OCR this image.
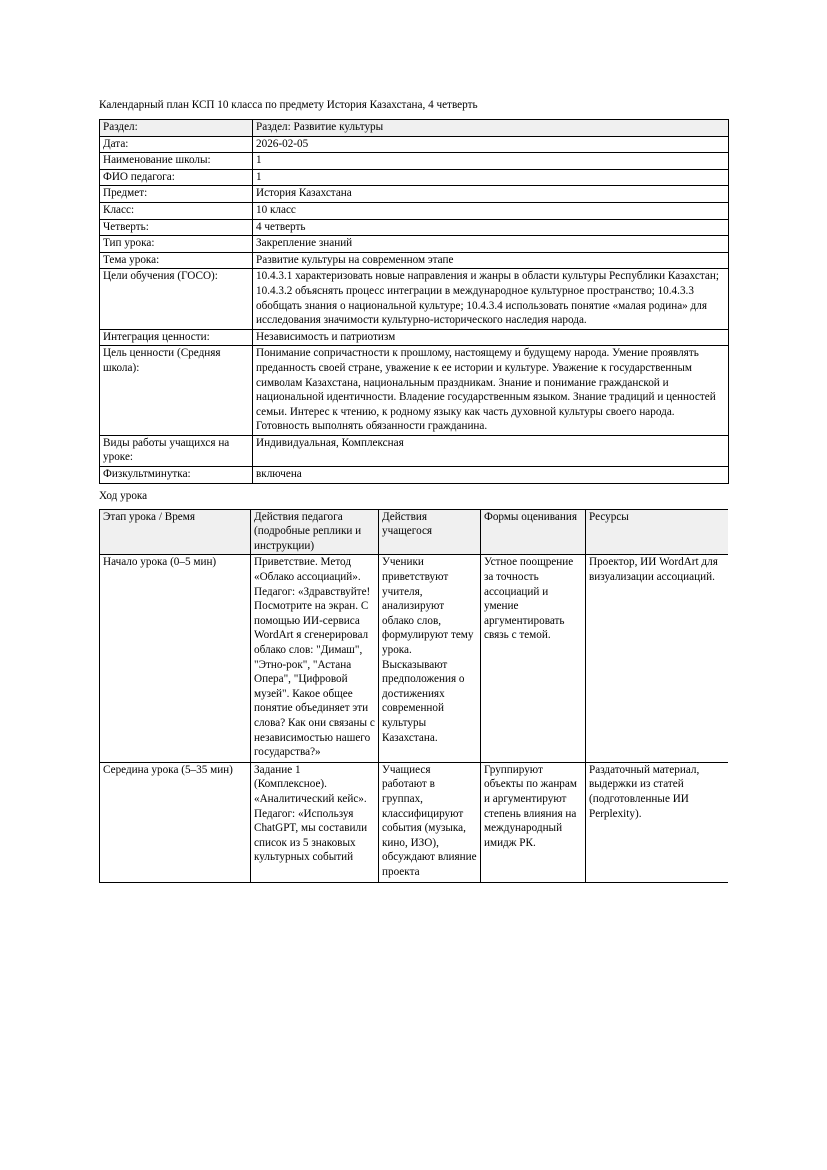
Календарный план КСП 10 класса по предмету История Казахстана, 4 четверть

Раздел:	Раздел: Развитие культуры
Дата:	2026-02-05
Наименование школы:	1
ФИО педагога:	1
Предмет:	История Казахстана
Класс:	10 класс
Четверть:	4 четверть
Тип урока:	Закрепление знаний
Тема урока:	Развитие культуры на современном этапе
Цели обучения (ГОСО):	10.4.3.1 характеризовать новые направления и жанры в области культуры Республики Казахстан; 10.4.3.2 объяснять процесс интеграции в международное культурное пространство; 10.4.3.3 обобщать знания о национальной культуре; 10.4.3.4 использовать понятие «малая родина» для исследования значимости культурно-исторического наследия народа.
Интеграция ценности:	Независимость и патриотизм
Цель ценности (Средняя школа):	Понимание сопричастности к прошлому, настоящему и будущему народа. Умение проявлять преданность своей стране, уважение к ее истории и культуре. Уважение к государственным символам Казахстана, национальным праздникам. Знание и понимание гражданской и национальной идентичности. Владение государственным языком. Знание традиций и ценностей семьи. Интерес к чтению, к родному языку как часть духовной культуры своего народа. Готовность выполнять обязанности гражданина.
Виды работы учащихся на уроке:	Индивидуальная, Комплексная
Физкультминутка:	включена

Ход урока

Этап урока / Время	Действия педагога (подробные реплики и инструкции)	Действия учащегося	Формы оценивания	Ресурсы
Начало урока (0–5 мин)	Приветствие. Метод «Облако ассоциаций». Педагог: «Здравствуйте! Посмотрите на экран. С помощью ИИ-сервиса WordArt я сгенерировал облако слов: "Димаш", "Этно-рок", "Астана Опера", "Цифровой музей". Какое общее понятие объединяет эти слова? Как они связаны с независимостью нашего государства?»	Ученики приветствуют учителя, анализируют облако слов, формулируют тему урока. Высказывают предположения о достижениях современной культуры Казахстана.	Устное поощрение за точность ассоциаций и умение аргументировать связь с темой.	Проектор, ИИ WordArt для визуализации ассоциаций.
Середина урока (5–35 мин)	Задание 1 (Комплексное). «Аналитический кейс». Педагог: «Используя ChatGPT, мы составили список из 5 знаковых культурных событий	Учащиеся работают в группах, классифицируют события (музыка, кино, ИЗО), обсуждают влияние проекта	Группируют объекты по жанрам и аргументируют степень влияния на международный имидж РК.	Раздаточный материал, выдержки из статей (подготовленные ИИ Perplexity).
